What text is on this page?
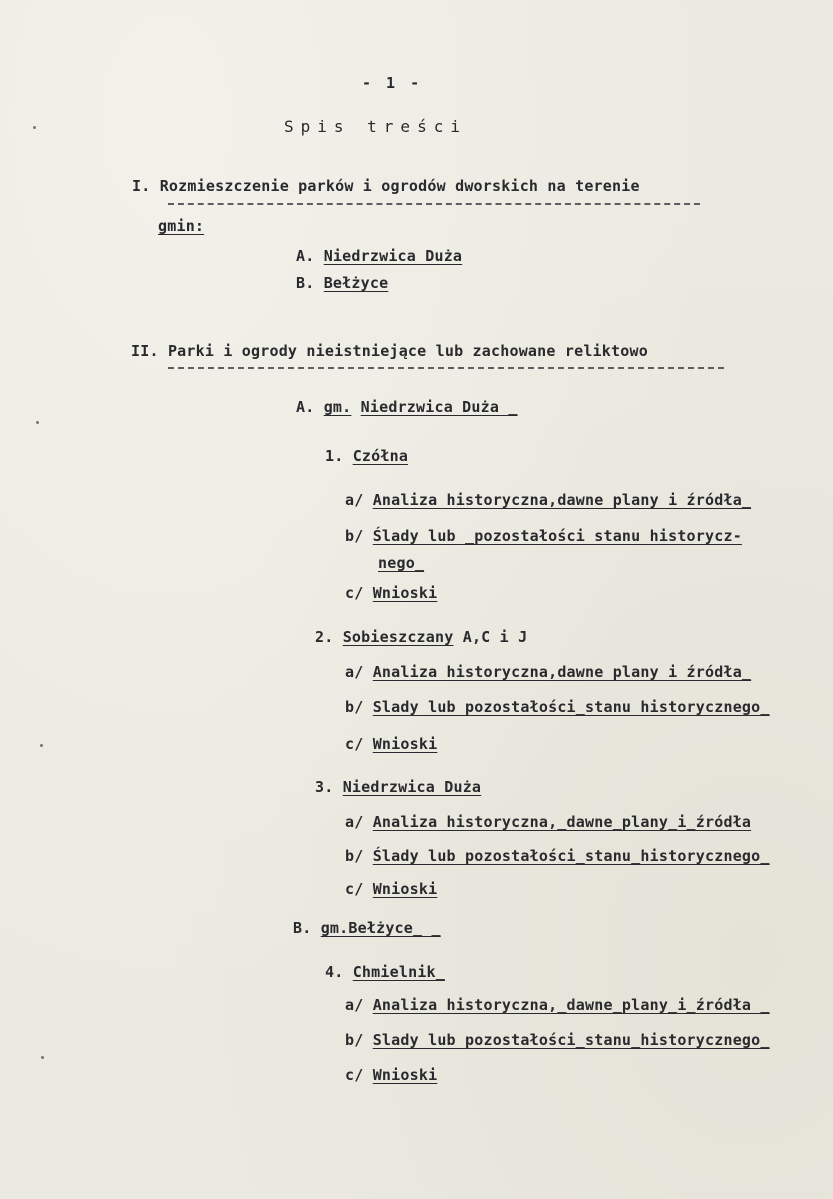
- 1 -
Spis treści
I. Rozmieszczenie parków i ogrodów dworskich na terenie
gmin:
A. Niedrzwica Duża
B. Bełżyce
II. Parki i ogrody nieistniejące lub zachowane reliktowo
A. gm. Niedrzwica Duża _
1. Czółna
a/ Analiza historyczna,dawne plany i źródła_
b/ Ślady lub _pozostałości stanu historycz-
nego_
c/ Wnioski
2. Sobieszczany A,C i J
a/ Analiza historyczna,dawne plany i źródła_
b/ Slady lub pozostałości_stanu historycznego_
c/ Wnioski
3. Niedrzwica Duża
a/ Analiza historyczna,_dawne_plany_i_źródła
b/ Ślady lub pozostałości_stanu_historycznego_
c/ Wnioski
B. gm.Bełżyce_ _
4. Chmielnik_
a/ Analiza historyczna,_dawne_plany_i_źródła _
b/ Slady lub pozostałości_stanu_historycznego_
c/ Wnioski
